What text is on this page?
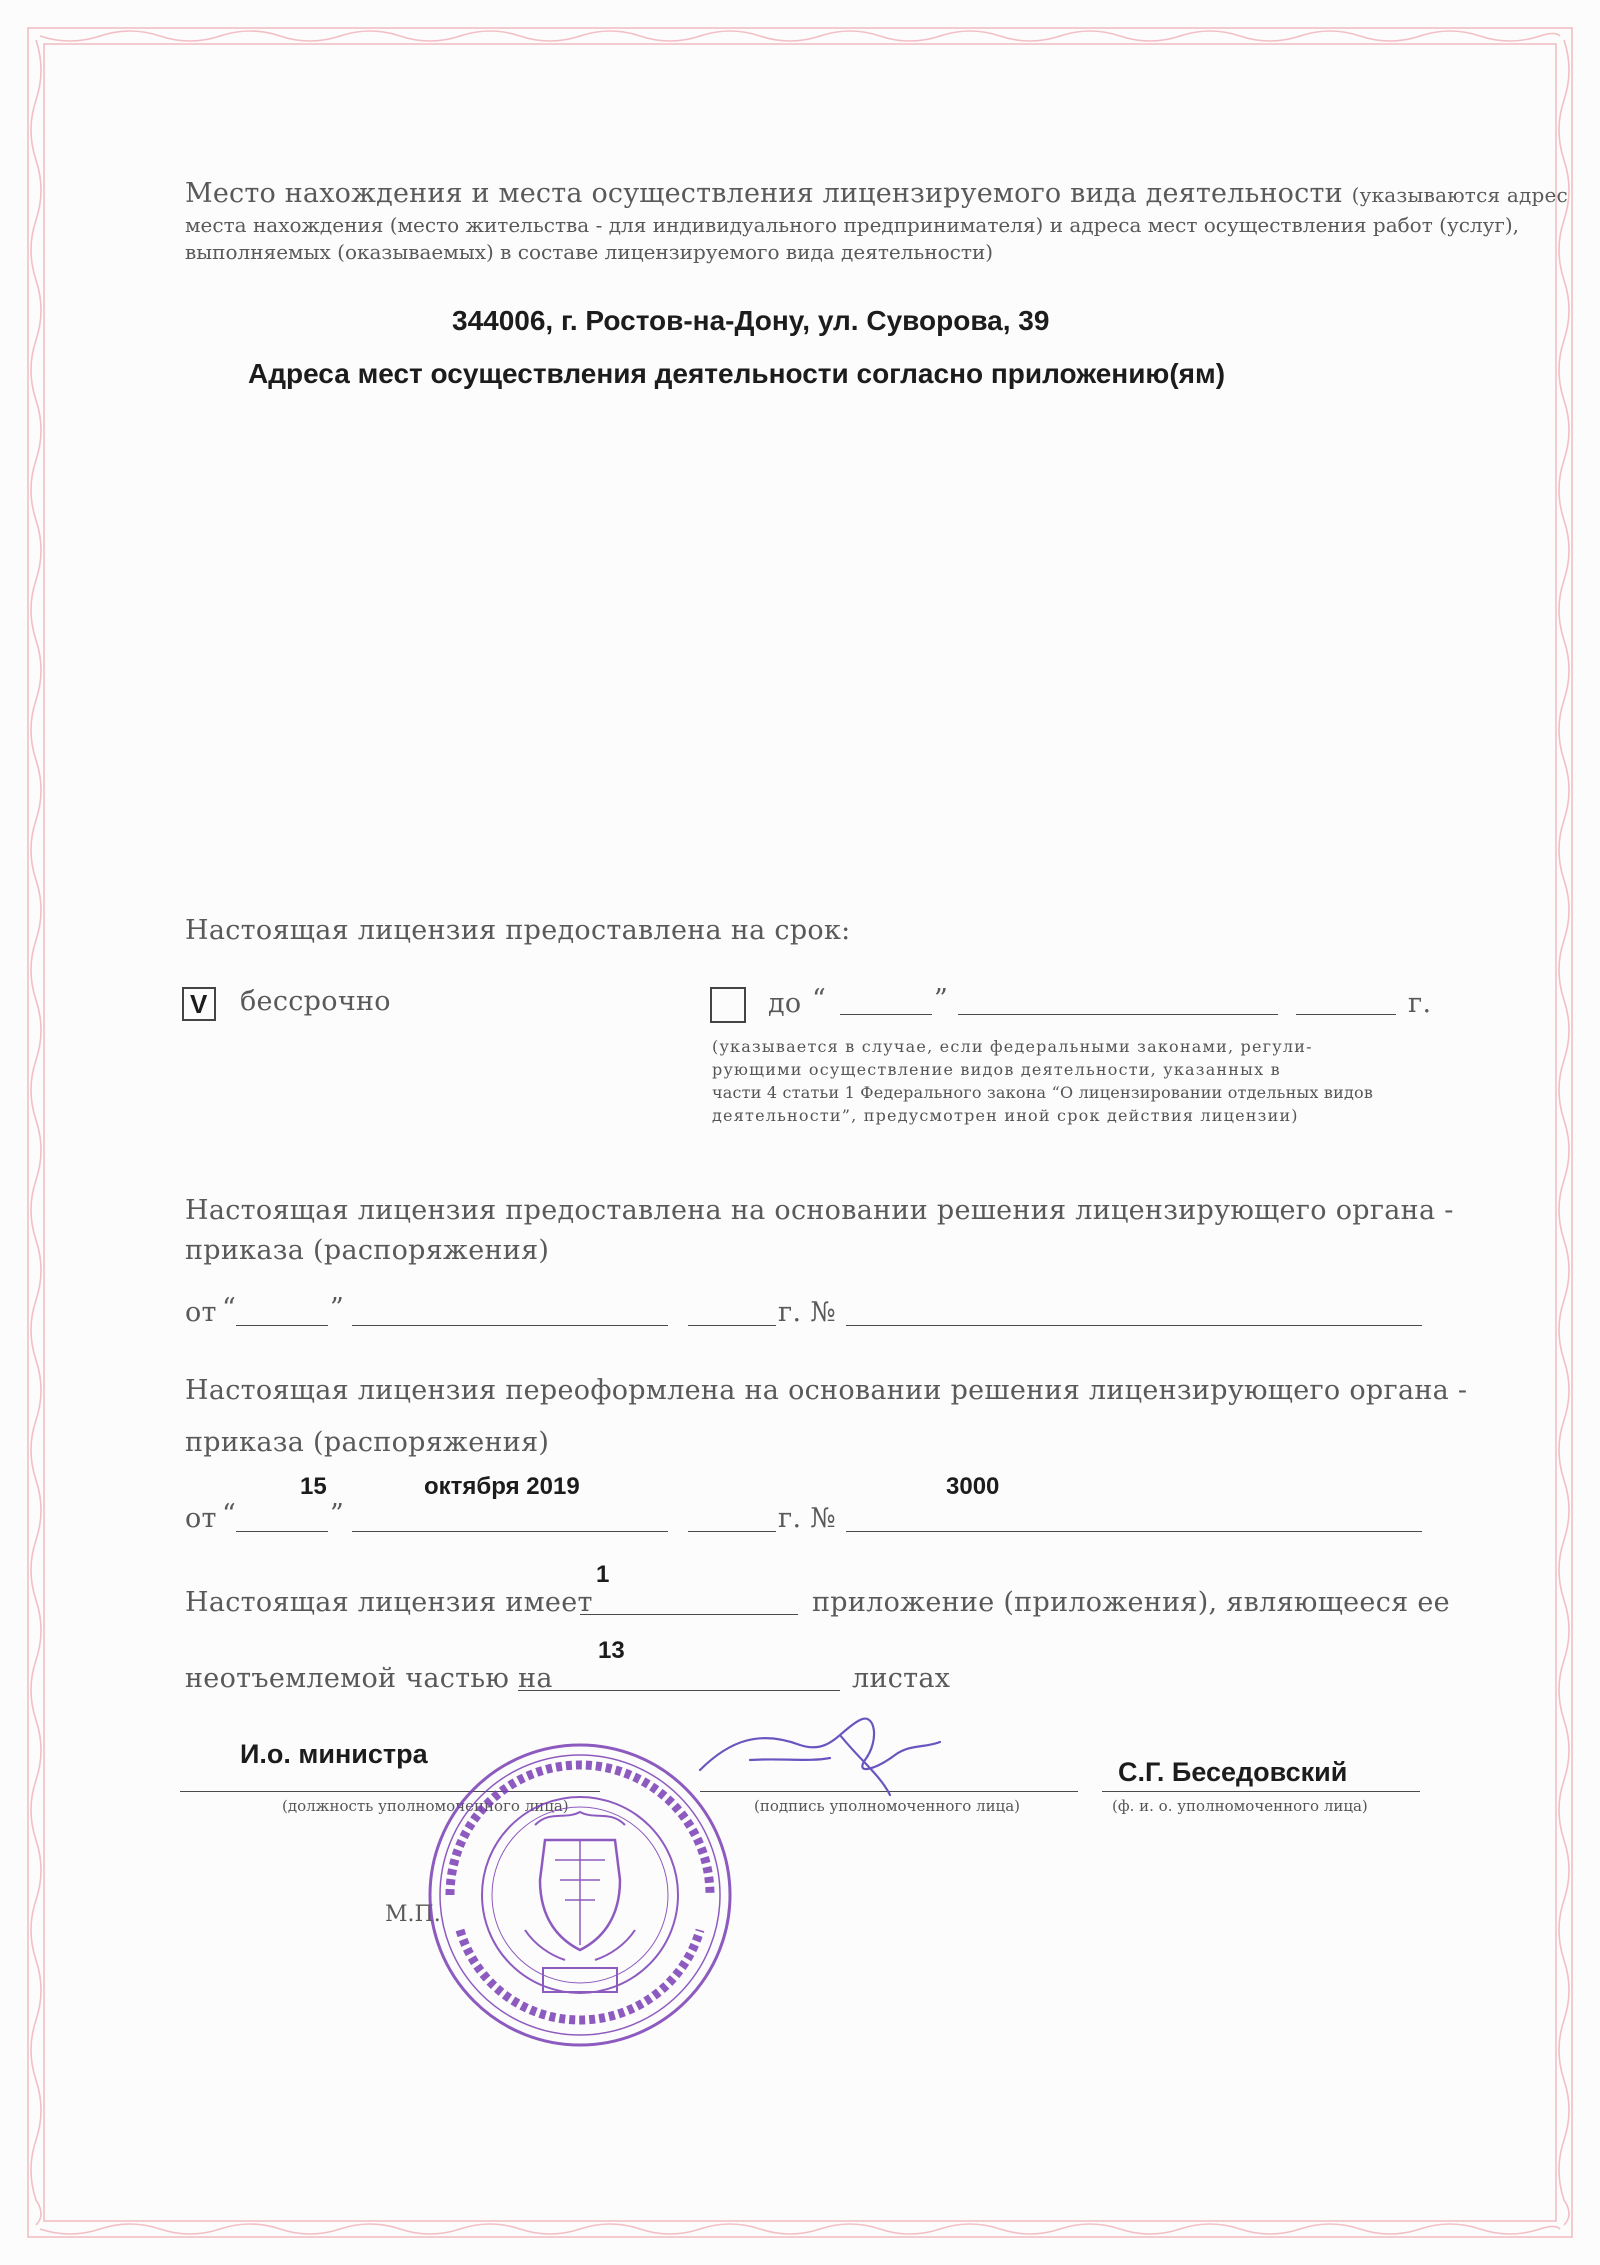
Место нахождения и места осуществления лицензируемого вида деятельности (указываются адрес
места нахождения (место жительства - для индивидуального предпринимателя) и адреса мест осуществления работ (услуг),
выполняемых (оказываемых) в составе лицензируемого вида деятельности)
344006, г. Ростов-на-Дону, ул. Суворова, 39
Адреса мест осуществления деятельности согласно приложению(ям)
Настоящая лицензия предоставлена на срок:
V бессрочно	до “	”	г.
(указывается в случае, если федеральными законами, регули-
рующими осуществление видов деятельности, указанных в
части 4 статьи 1 Федерального закона “О лицензировании отдельных видов
деятельности”, предусмотрен иной срок действия лицензии)
Настоящая лицензия предоставлена на основании решения лицензирующего органа -
приказа (распоряжения)
от “	”	г. №
Настоящая лицензия переоформлена на основании решения лицензирующего органа -
приказа (распоряжения)
15	октября 2019	3000
от “	”	г. №
Настоящая лицензия имеет
1
приложение (приложения), являющееся ее
неотъемлемой частью на
13
листах
И.о. министра
(должность уполномоченного лица)	(подпись уполномоченного лица)
С.Г. Беседовский
(ф. и. о. уполномоченного лица)
М.П.
